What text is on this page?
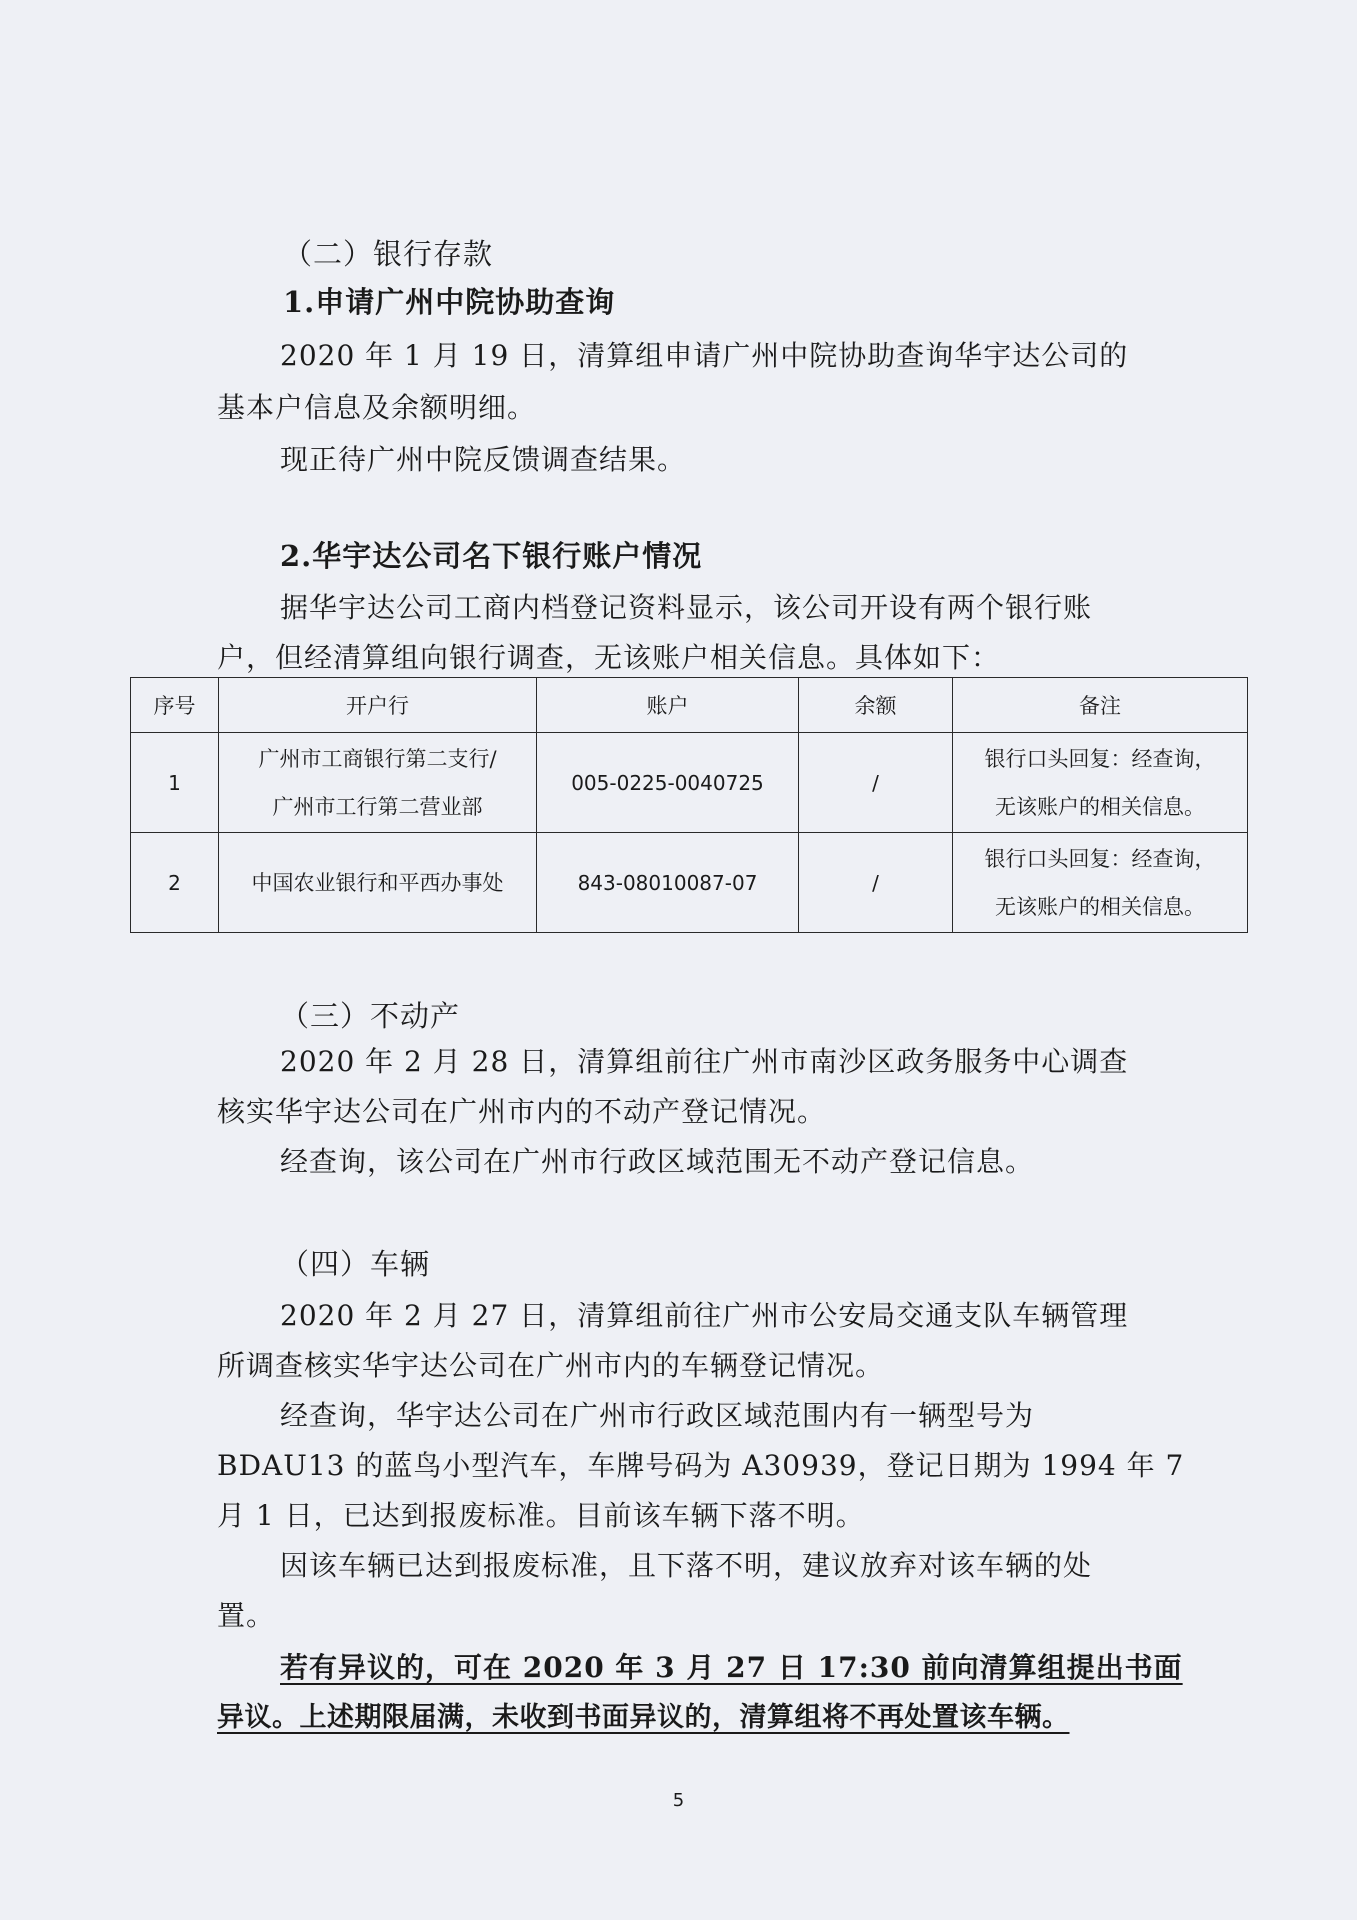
（二）银行存款

1.申请广州中院协助查询

2020 年 1 月 19 日，清算组申请广州中院协助查询华宇达公司的

基本户信息及余额明细。

现正待广州中院反馈调查结果。

2.华宇达公司名下银行账户情况

据华宇达公司工商内档登记资料显示，该公司开设有两个银行账

户，但经清算组向银行调查，无该账户相关信息。具体如下：

序号	开户行	账户	余额	备注
1	广州市工商银行第二支行/
广州市工行第二营业部	005-0225-0040725	/	银行口头回复：经查询，
无该账户的相关信息。

2	中国农业银行和平西办事处	843-08010087-07	/	银行口头回复：经查询，
无该账户的相关信息。

（三）不动产

2020 年 2 月 28 日，清算组前往广州市南沙区政务服务中心调查

核实华宇达公司在广州市内的不动产登记情况。

经查询，该公司在广州市行政区域范围无不动产登记信息。

（四）车辆

2020 年 2 月 27 日，清算组前往广州市公安局交通支队车辆管理

所调查核实华宇达公司在广州市内的车辆登记情况。

经查询，华宇达公司在广州市行政区域范围内有一辆型号为

BDAU13 的蓝鸟小型汽车，车牌号码为 A30939，登记日期为 1994 年 7

月 1 日，已达到报废标准。目前该车辆下落不明。

因该车辆已达到报废标准，且下落不明，建议放弃对该车辆的处

置。

若有异议的，可在 2020 年 3 月 27 日 17:30 前向清算组提出书面

异议。上述期限届满，未收到书面异议的，清算组将不再处置该车辆。

5
